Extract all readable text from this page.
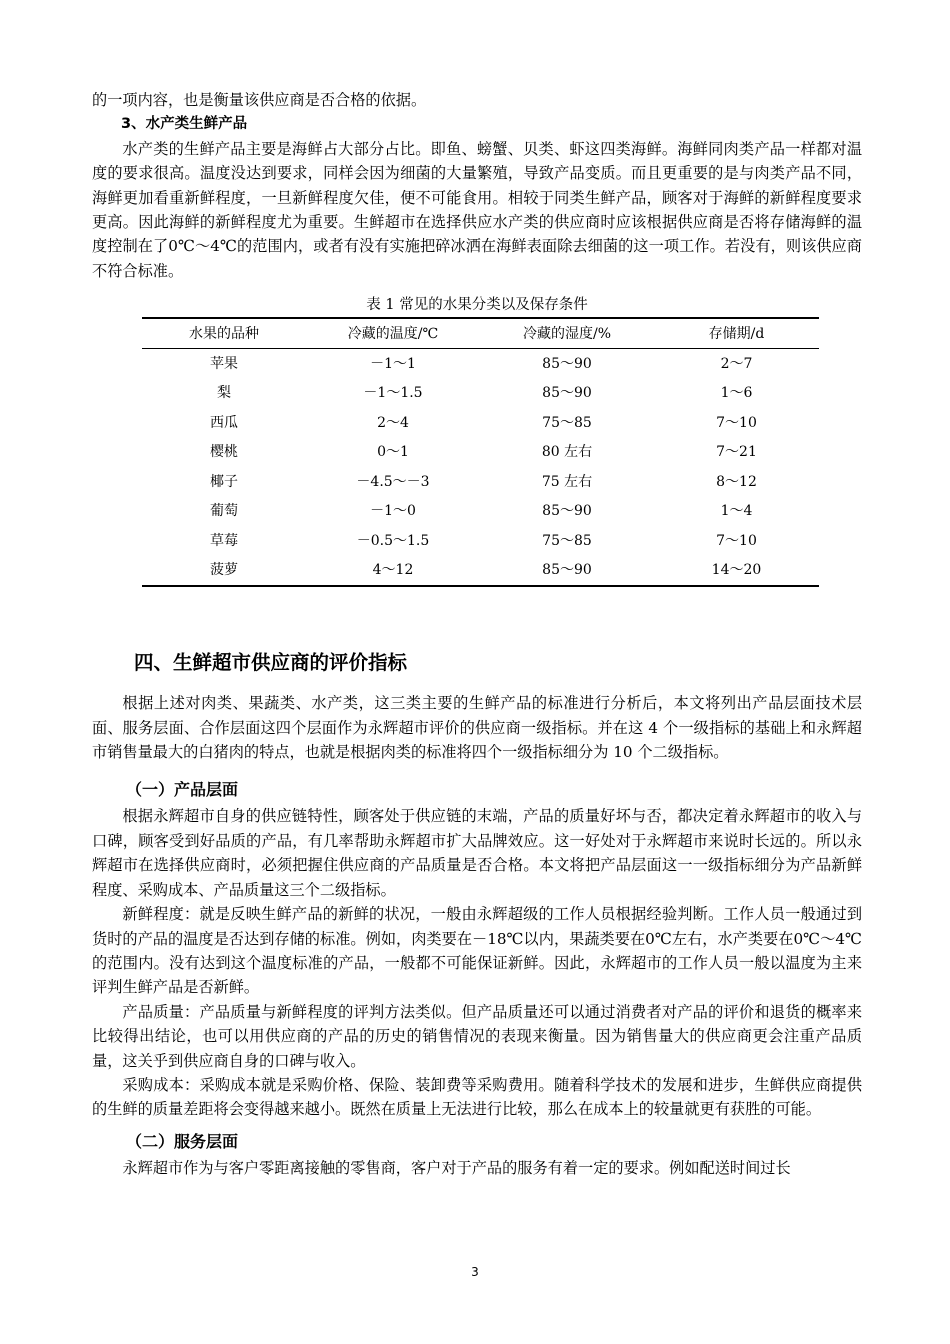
的一项内容，也是衡量该供应商是否合格的依据。

3、水产类生鲜产品

水产类的生鲜产品主要是海鲜占大部分占比。即鱼、螃蟹、贝类、虾这四类海鲜。海鲜同肉类产品一样都对温度的要求很高。温度没达到要求，同样会因为细菌的大量繁殖，导致产品变质。而且更重要的是与肉类产品不同，海鲜更加看重新鲜程度，一旦新鲜程度欠佳，便不可能食用。相较于同类生鲜产品，顾客对于海鲜的新鲜程度要求更高。因此海鲜的新鲜程度尤为重要。生鲜超市在选择供应水产类的供应商时应该根据供应商是否将存储海鲜的温度控制在了0℃～4℃的范围内，或者有没有实施把碎冰洒在海鲜表面除去细菌的这一项工作。若没有，则该供应商不符合标准。

表 1 常见的水果分类以及保存条件
水果的品种	冷藏的温度/℃	冷藏的湿度/%	存储期/d
苹果	－1～1	85～90	2～7
梨	－1～1.5	85～90	1～6
西瓜	2～4	75～85	7～10
樱桃	0～1	80 左右	7～21
椰子	－4.5～－3	75 左右	8～12
葡萄	－1～0	85～90	1～4
草莓	－0.5～1.5	75～85	7～10
菠萝	4～12	85～90	14～20
四、生鲜超市供应商的评价指标

根据上述对肉类、果蔬类、水产类，这三类主要的生鲜产品的标准进行分析后，本文将列出产品层面技术层面、服务层面、合作层面这四个层面作为永辉超市评价的供应商一级指标。并在这 4 个一级指标的基础上和永辉超市销售量最大的白猪肉的特点，也就是根据肉类的标准将四个一级指标细分为 10 个二级指标。

（一）产品层面

根据永辉超市自身的供应链特性，顾客处于供应链的末端，产品的质量好坏与否，都决定着永辉超市的收入与口碑，顾客受到好品质的产品，有几率帮助永辉超市扩大品牌效应。这一好处对于永辉超市来说时长远的。所以永辉超市在选择供应商时，必须把握住供应商的产品质量是否合格。本文将把产品层面这一一级指标细分为产品新鲜程度、采购成本、产品质量这三个二级指标。

新鲜程度：就是反映生鲜产品的新鲜的状况，一般由永辉超级的工作人员根据经验判断。工作人员一般通过到货时的产品的温度是否达到存储的标准。例如，肉类要在－18℃以内，果蔬类要在0℃左右，水产类要在0℃～4℃的范围内。没有达到这个温度标准的产品，一般都不可能保证新鲜。因此，永辉超市的工作人员一般以温度为主来评判生鲜产品是否新鲜。

产品质量：产品质量与新鲜程度的评判方法类似。但产品质量还可以通过消费者对产品的评价和退货的概率来比较得出结论，也可以用供应商的产品的历史的销售情况的表现来衡量。因为销售量大的供应商更会注重产品质量，这关乎到供应商自身的口碑与收入。

采购成本：采购成本就是采购价格、保险、装卸费等采购费用。随着科学技术的发展和进步，生鲜供应商提供的生鲜的质量差距将会变得越来越小。既然在质量上无法进行比较，那么在成本上的较量就更有获胜的可能。

（二）服务层面

永辉超市作为与客户零距离接触的零售商，客户对于产品的服务有着一定的要求。例如配送时间过长

3
